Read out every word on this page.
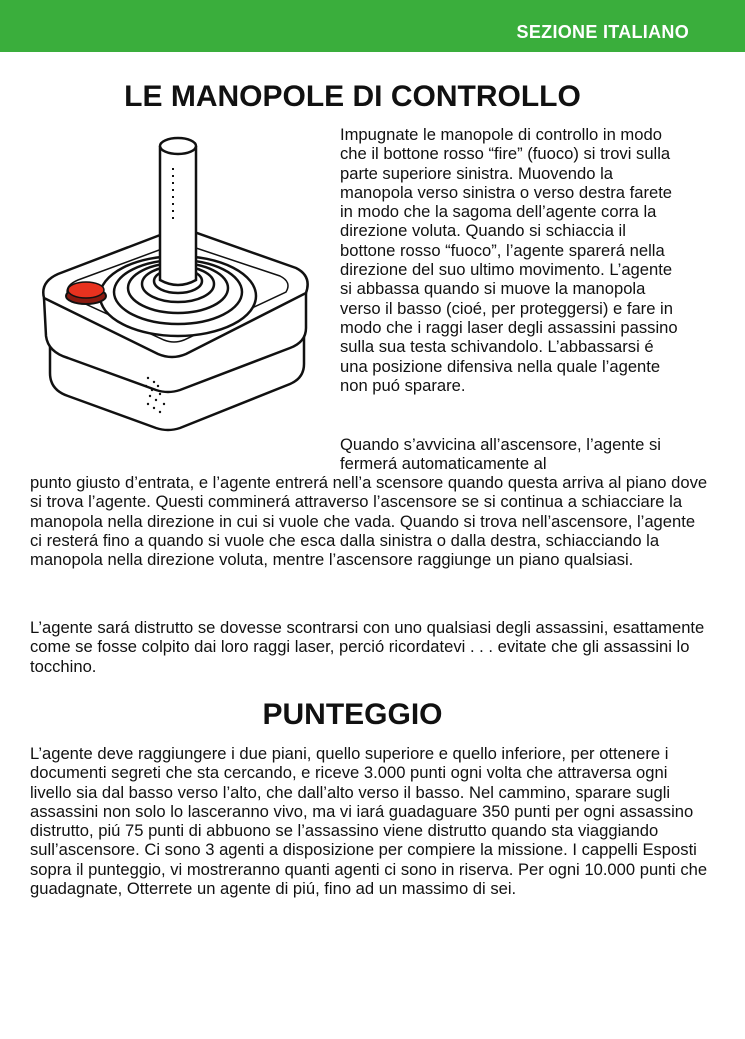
SEZIONE ITALIANO
LE MANOPOLE DI CONTROLLO

Impugnate le manopole di controllo in modo che il bottone rosso “fire” (fuoco) si trovi sulla parte superiore sinistra. Muovendo la manopola verso sinistra o verso destra farete in modo che la sagoma dell’agente corra la direzione voluta. Quando si schiaccia il bottone rosso “fuoco”, l’agente sparerá nella direzione del suo ultimo movimento. L’agente si abbassa quando si muove la manopola verso il basso (cioé, per proteggersi) e fare in modo che i raggi laser degli assassini passino sulla sua testa schivandolo. L’abbassarsi é una posizione difensiva nella quale l’agente non puó sparare.

Quando s’avvicina all’ascensore, l’agente si fermerá automaticamente al

punto giusto d’entrata, e l’agente entrerá nell’a scensore quando questa arriva al piano dove si trova l’agente. Questi comminerá attraverso l’ascensore se si continua a schiacciare la manopola nella direzione in cui si vuole che vada. Quando si trova nell’ascensore, l’agente ci resterá fino a quando si vuole che esca dalla sinistra o dalla destra, schiacciando la manopola nella direzione voluta, mentre l’ascensore raggiunge un piano qualsiasi.

L’agente sará distrutto se dovesse scontrarsi con uno qualsiasi degli assassini, esattamente come se fosse colpito dai loro raggi laser, perció ricordatevi . . . evitate che gli assassini lo tocchino.

PUNTEGGIO

L’agente deve raggiungere i due piani, quello superiore e quello inferiore, per ottenere i documenti segreti che sta cercando, e riceve 3.000 punti ogni volta che attraversa ogni livello sia dal basso verso l’alto, che dall’alto verso il basso. Nel cammino, sparare sugli assassini non solo lo lasceranno vivo, ma vi iará guadaguare 350 punti per ogni assassino distrutto, piú 75 punti di abbuono se l’assassino viene distrutto quando sta viaggiando sull’ascensore. Ci sono 3 agenti a disposizione per compiere la missione. I cappelli Esposti sopra il punteggio, vi mostreranno quanti agenti ci sono in riserva. Per ogni 10.000 punti che guadagnate, Otterrete un agente di piú, fino ad un massimo di sei.
